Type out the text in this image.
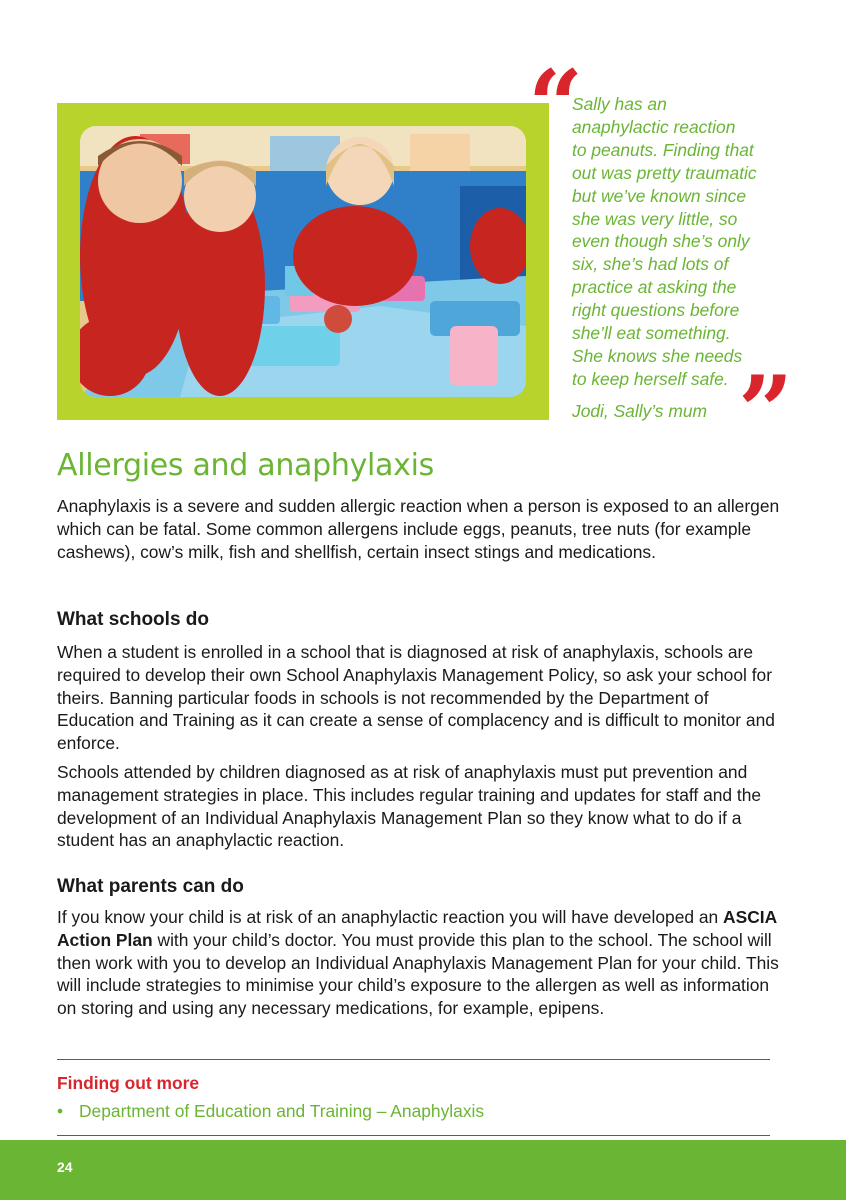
“

Sally has an

anaphylactic reaction

to peanuts. Finding that

out was pretty traumatic

but we’ve known since

she was very little, so

even though she’s only

six, she’s had lots of

practice at asking the

right questions before

she’ll eat something.

She knows she needs

to keep herself safe. ”
Jodi, Sally’s mum
Allergies and anaphylaxis

Anaphylaxis is a severe and sudden allergic reaction when a person is exposed to an allergen which can be fatal. Some common allergens include eggs, peanuts, tree nuts (for example cashews), cow’s milk, fish and shellfish, certain insect stings and medications.

What schools do

When a student is enrolled in a school that is diagnosed at risk of anaphylaxis, schools are required to develop their own School Anaphylaxis Management Policy, so ask your school for theirs. Banning particular foods in schools is not recommended by the Department of Education and Training as it can create a sense of complacency and is difficult to monitor and enforce.

Schools attended by children diagnosed as at risk of anaphylaxis must put prevention and management strategies in place. This includes regular training and updates for staff and the development of an Individual Anaphylaxis Management Plan so they know what to do if a student has an anaphylactic reaction.

What parents can do

If you know your child is at risk of an anaphylactic reaction you will have developed an ASCIA Action Plan with your child’s doctor. You must provide this plan to the school. The school will then work with you to develop an Individual Anaphylaxis Management Plan for your child. This will include strategies to minimise your child’s exposure to the allergen as well as information on storing and using any necessary medications, for example, epipens.

Finding out more
• Department of Education and Training – Anaphylaxis
24
